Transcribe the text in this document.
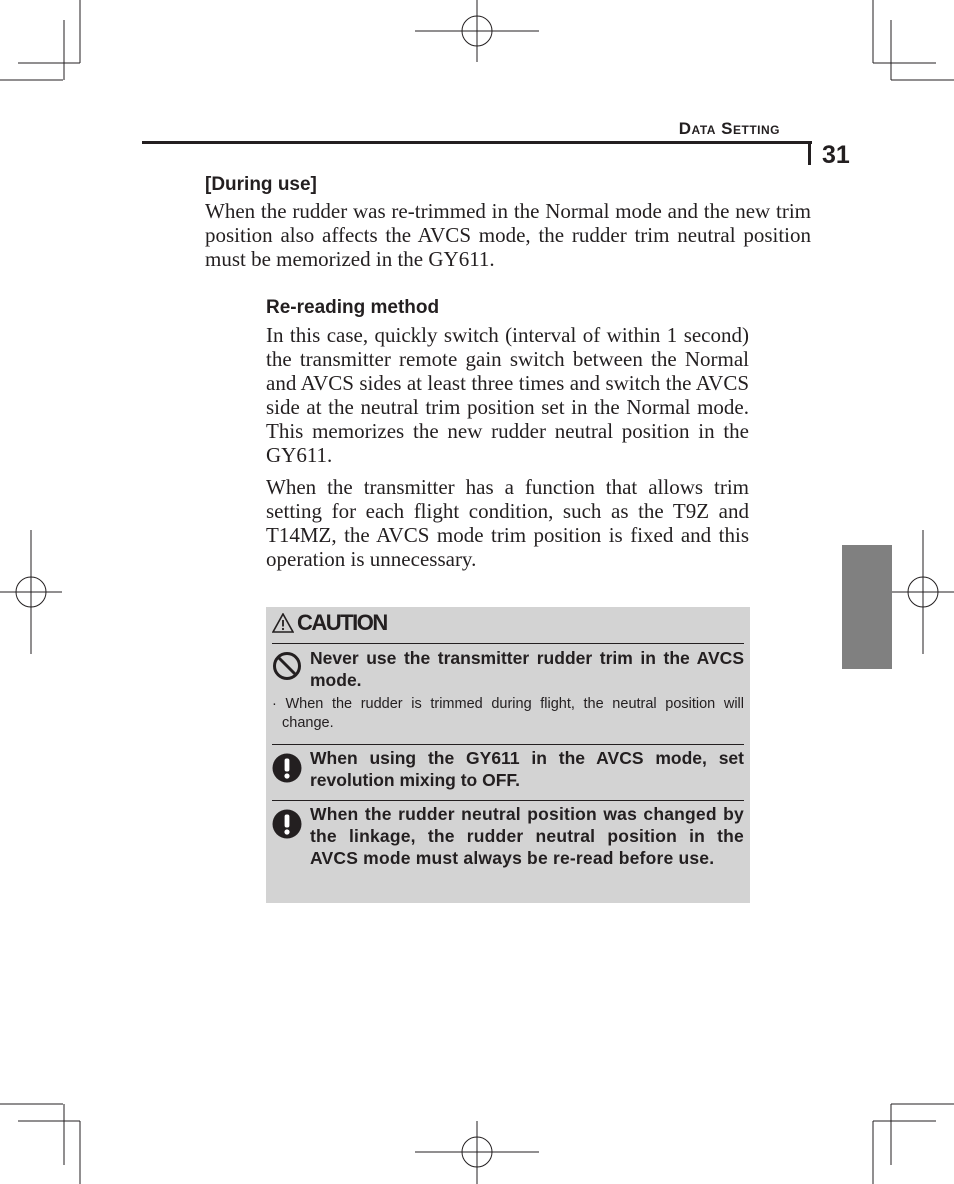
Data Setting
31
[During use]
When the rudder was re-trimmed in the Normal mode and the new trim position also affects the AVCS mode, the rudder trim neutral position must be memorized in the GY611.
Re-reading method
In this case, quickly switch (interval of within 1 second) the transmitter remote gain switch between the Normal and AVCS sides at least three times and switch the AVCS side at the neutral trim position set in the Normal mode. This memorizes the new rudder neutral position in the GY611.
When the transmitter has a function that allows trim setting for each flight condition, such as the T9Z and T14MZ, the AVCS mode trim position is fixed and this operation is unnecessary.
CAUTION
Never use the transmitter rudder trim in the AVCS mode.
· When the rudder is trimmed during flight, the neutral position will change.
When using the GY611 in the AVCS mode, set revolution mixing to OFF.
When the rudder neutral position was changed by the linkage, the rudder neutral position in the AVCS mode must always be re-read before use.
